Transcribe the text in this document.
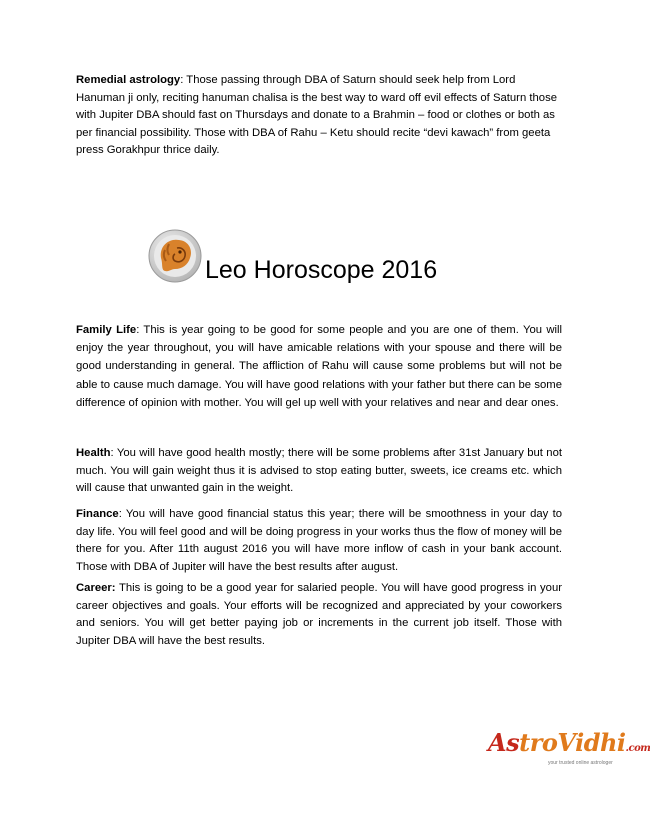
Remedial astrology: Those passing through DBA of Saturn should seek help from Lord Hanuman ji only, reciting hanuman chalisa is the best way to ward off evil effects of Saturn those with Jupiter DBA should fast on Thursdays and donate to a Brahmin – food or clothes or both as per financial possibility. Those with DBA of Rahu – Ketu should recite “devi kawach” from geeta press Gorakhpur thrice daily.

Leo Horoscope 2016

Family Life: This is year going to be good for some people and you are one of them. You will enjoy the year throughout, you will have amicable relations with your spouse and there will be good understanding in general. The affliction of Rahu will cause some problems but will not be able to cause much damage. You will have good relations with your father but there can be some difference of opinion with mother. You will gel up well with your relatives and near and dear ones.

Health: You will have good health mostly; there will be some problems after 31st January but not much. You will gain weight thus it is advised to stop eating butter, sweets, ice creams etc. which will cause that unwanted gain in the weight.

Finance: You will have good financial status this year; there will be smoothness in your day to day life. You will feel good and will be doing progress in your works thus the flow of money will be there for you. After 11th august 2016 you will have more inflow of cash in your bank account. Those with DBA of Jupiter will have the best results after august.

Career: This is going to be a good year for salaried people. You will have good progress in your career objectives and goals. Your efforts will be recognized and appreciated by your coworkers and seniors. You will get better paying job or increments in the current job itself. Those with Jupiter DBA will have the best results.

AstroVidhi.com
your trusted online astrologer
